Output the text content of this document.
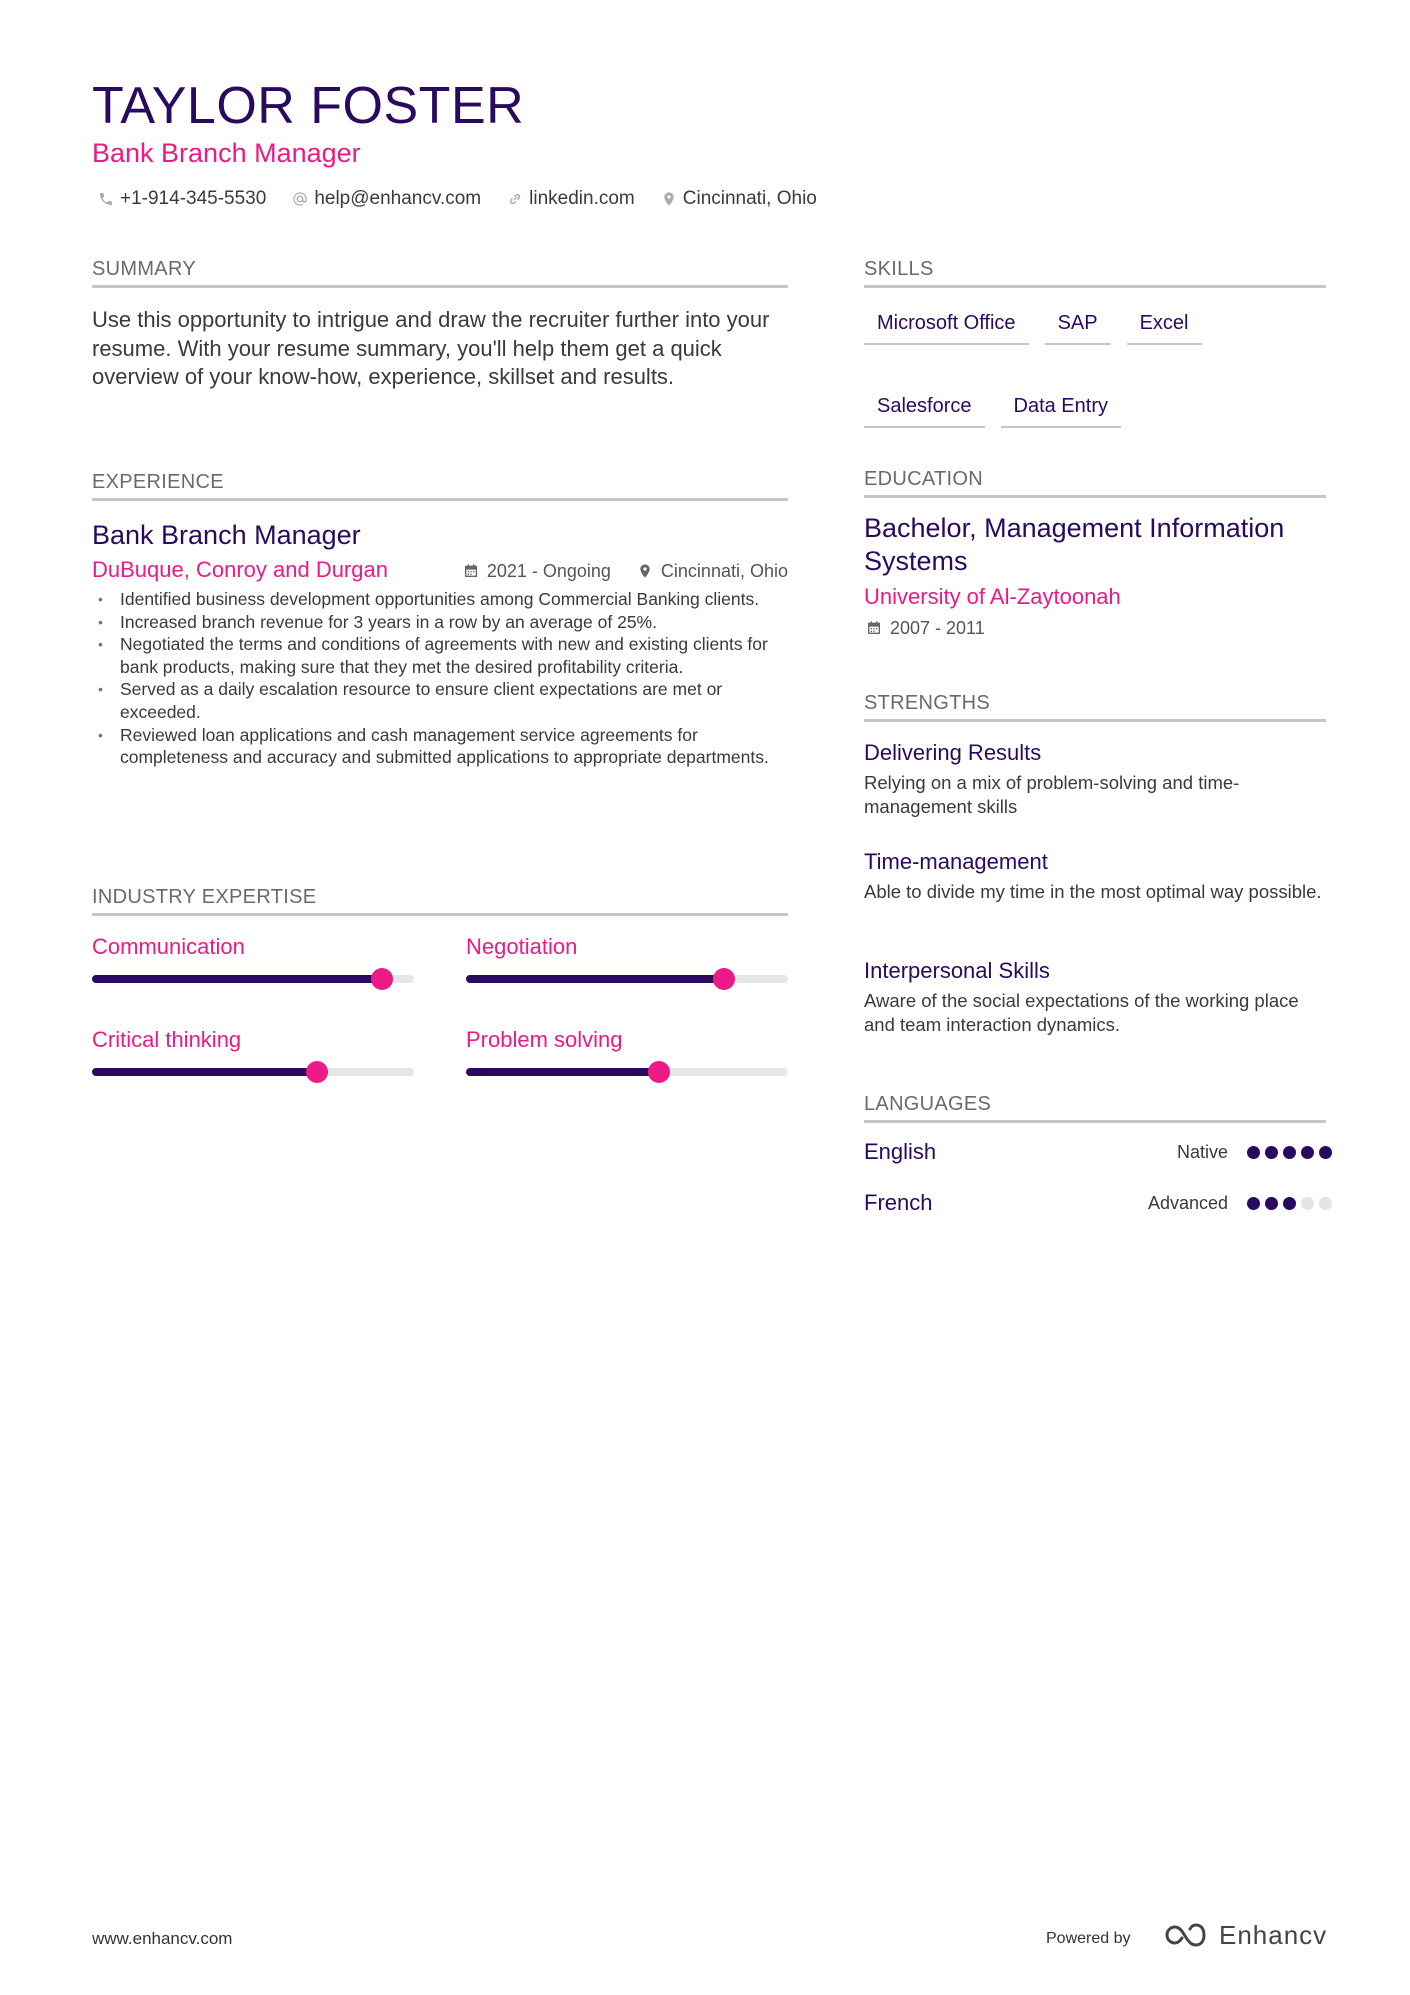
TAYLOR FOSTER
Bank Branch Manager
+1-914-345-5530	help@enhancv.com	linkedin.com	Cincinnati, Ohio
SUMMARY
Use this opportunity to intrigue and draw the recruiter further into your resume. With your resume summary, you'll help them get a quick overview of your know-how, experience, skillset and results.
EXPERIENCE
Bank Branch Manager
DuBuque, Conroy and Durgan	2021 - Ongoing	Cincinnati, Ohio
• Identified business development opportunities among Commercial Banking clients.
• Increased branch revenue for 3 years in a row by an average of 25%.
• Negotiated the terms and conditions of agreements with new and existing clients for bank products, making sure that they met the desired profitability criteria.
• Served as a daily escalation resource to ensure client expectations are met or exceeded.
• Reviewed loan applications and cash management service agreements for completeness and accuracy and submitted applications to appropriate departments.
INDUSTRY EXPERTISE
Communication	Negotiation
Critical thinking	Problem solving
SKILLS
Microsoft Office	SAP	Excel
Salesforce	Data Entry
EDUCATION
Bachelor, Management Information Systems
University of Al-Zaytoonah
2007 - 2011
STRENGTHS
Delivering Results
Relying on a mix of problem-solving and time-management skills
Time-management
Able to divide my time in the most optimal way possible.
Interpersonal Skills
Aware of the social expectations of the working place and team interaction dynamics.
LANGUAGES
English	Native
French	Advanced
www.enhancv.com	Powered by	Enhancv
